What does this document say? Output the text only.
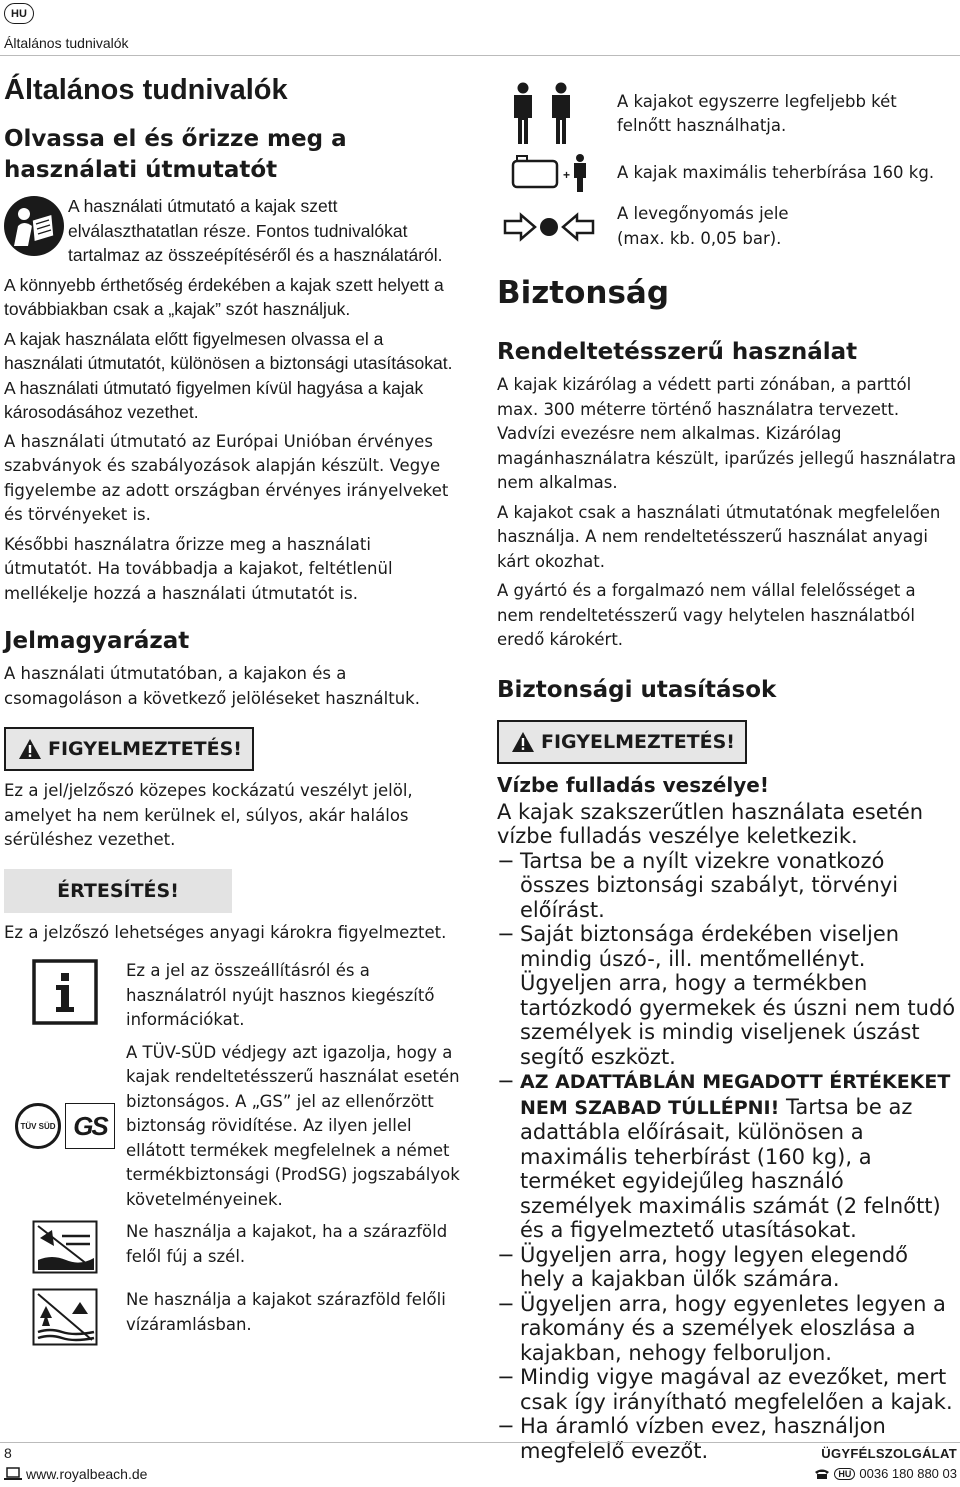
HU
Általános tudnivalók
Általános tudnivalók
Olvassa el és őrizze meg a használati útmutatót
A használati útmutató a kajak szett elválaszthatatlan része. Fontos tudnivalókat tartalmaz az összeépítéséről és a használatáról.
A könnyebb érthetőség érdekében a kajak szett helyett a továbbiakban csak a „kajak” szót használjuk.
A kajak használata előtt figyelmesen olvassa el a használati útmutatót, különösen a biztonsági utasításokat. A használati útmutató figyelmen kívül hagyása a kajak károsodásához vezethet.
A használati útmutató az Európai Unióban érvényes szabványok és szabályozások alapján készült. Vegye figyelembe az adott országban érvényes irányelveket és törvényeket is.
Későbbi használatra őrizze meg a használati útmutatót. Ha továbbadja a kajakot, feltétlenül mellékelje hozzá a használati útmutatót is.
Jelmagyarázat
A használati útmutatóban, a kajakon és a csomagoláson a következő jelöléseket használtuk.
FIGYELMEZTETÉS!
Ez a jel/jelzőszó közepes kockázatú veszélyt jelöl, amelyet ha nem kerülnek el, súlyos, akár halálos sérüléshez vezethet.
ÉRTESÍTÉS!
Ez a jelzőszó lehetséges anyagi károkra figyelmeztet.
Ez a jel az összeállításról és a használatról nyújt hasznos kiegészítő információkat.
TÜV SÜD GS
A TÜV-SÜD védjegy azt igazolja, hogy a kajak rendeltetésszerű használat esetén biztonságos. A „GS” jel az ellenőrzött biztonság rövidítése. Az ilyen jellel ellátott termékek megfelelnek a német termékbiztonsági (ProdSG) jogszabályok követelményeinek.
Ne használja a kajakot, ha a szárazföld felől fúj a szél.
Ne használja a kajakot szárazföld felőli vízáramlásban.
A kajakot egyszerre legfeljebb két felnőtt használhatja.
+	A kajak maximális teherbírása 160 kg.
A levegőnyomás jele (max. kb. 0,05 bar).
Biztonság
Rendeltetésszerű használat
A kajak kizárólag a védett parti zónában, a parttól max. 300 méterre történő használatra tervezett. Vadvízi evezésre nem alkalmas. Kizárólag magánhasználatra készült, iparűzés jellegű használatra nem alkalmas.
A kajakot csak a használati útmutatónak megfelelően használja. A nem rendeltetésszerű használat anyagi kárt okozhat.
A gyártó és a forgalmazó nem vállal felelősséget a nem rendeltetésszerű vagy helytelen használatból eredő károkért.
Biztonsági utasítások
FIGYELMEZTETÉS!
Vízbe fulladás veszélye!
A kajak szakszerűtlen használata esetén vízbe fulladás veszélye keletkezik.
− Tartsa be a nyílt vizekre vonatkozó összes biztonsági szabályt, törvényi előírást.
− Saját biztonsága érdekében viseljen mindig úszó-, ill. mentőmellényt. Ügyeljen arra, hogy a termékben tartózkodó gyermekek és úszni nem tudó személyek is mindig viseljenek úszást segítő eszközt.
− AZ ADATTÁBLÁN MEGADOTT ÉRTÉKEKET NEM SZABAD TÚLLÉPNI! Tartsa be az adattábla előírásait, különösen a maximális teherbírást (160 kg), a terméket egyidejűleg használó személyek maximális számát (2 felnőtt) és a figyelmeztető utasításokat.
− Ügyeljen arra, hogy legyen elegendő hely a kajakban ülők számára.
− Ügyeljen arra, hogy egyenletes legyen a rakomány és a személyek eloszlása a kajakban, nehogy felboruljon.
− Mindig vigye magával az evezőket, mert csak így irányítható megfelelően a kajak.
− Ha áramló vízben evez, használjon megfelelő evezőt.
8
www.royalbeach.de
ÜGYFÉLSZOLGÁLAT
HU 0036 180 880 03
